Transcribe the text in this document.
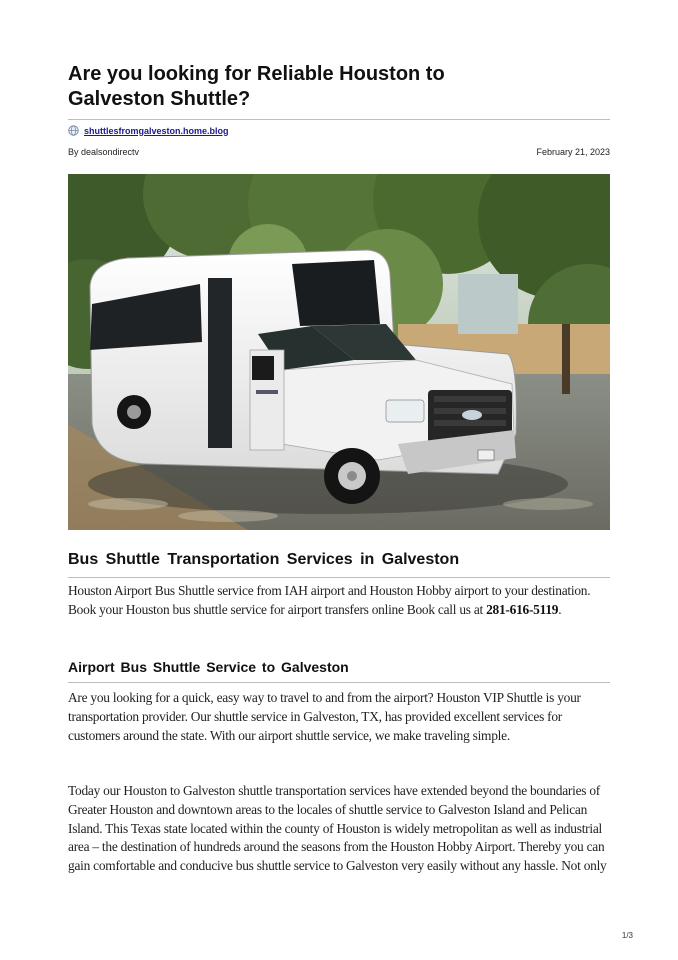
Are you looking for Reliable Houston to Galveston Shuttle?
shuttlesfromgalveston.home.blog
By dealsondirectv	February 21, 2023
Bus Shuttle Transportation Services in Galveston

Houston Airport Bus Shuttle service from IAH airport and Houston Hobby airport to your destination. Book your Houston bus shuttle service for airport transfers online Book call us at 281-616-5119.

Airport Bus Shuttle Service to Galveston

Are you looking for a quick, easy way to travel to and from the airport? Houston VIP Shuttle is your transportation provider. Our shuttle service in Galveston, TX, has provided excellent services for customers around the state. With our airport shuttle service, we make traveling simple.

Today our Houston to Galveston shuttle transportation services have extended beyond the boundaries of Greater Houston and downtown areas to the locales of shuttle service to Galveston Island and Pelican Island. This Texas state located within the county of Houston is widely metropolitan as well as industrial area – the destination of hundreds around the seasons from the Houston Hobby Airport. Thereby you can gain comfortable and conducive bus shuttle service to Galveston very easily without any hassle. Not only

1/3
